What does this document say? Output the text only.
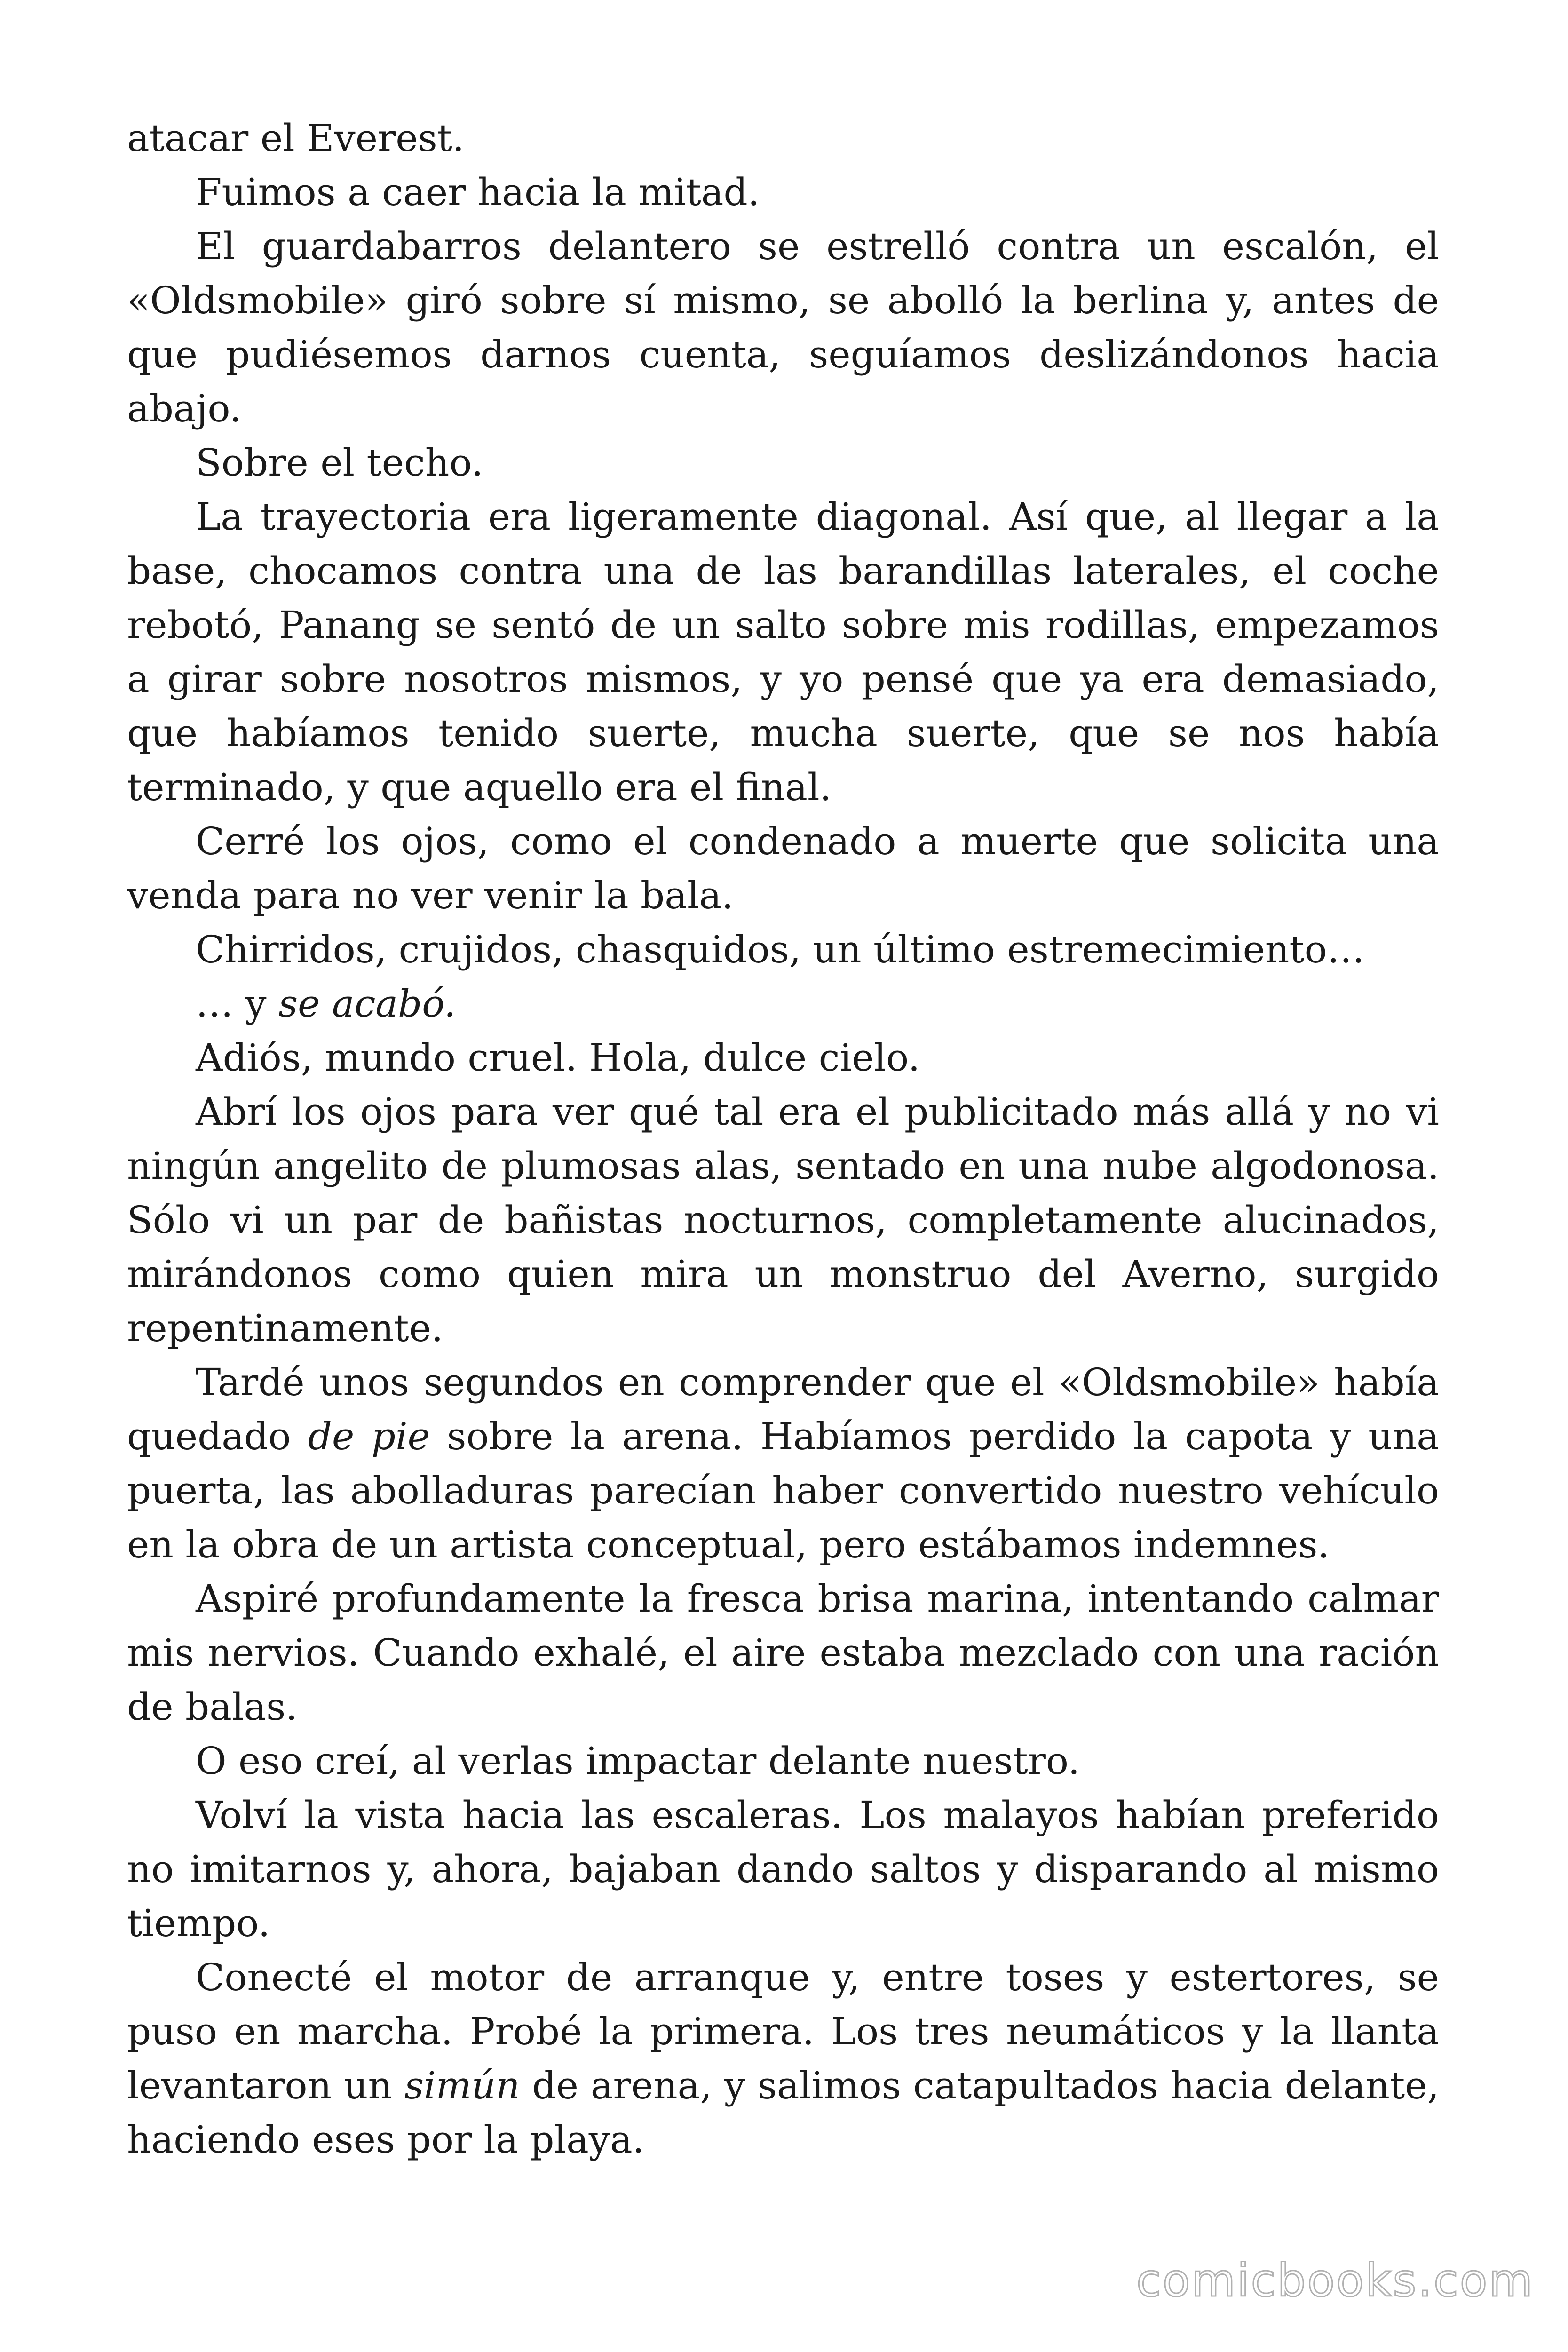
atacar el Everest.

Fuimos a caer hacia la mitad.

El guardabarros delantero se estrelló contra un escalón, el «Oldsmobile» giró sobre sí mismo, se abolló la berlina y, antes de que pudiésemos darnos cuenta, seguíamos deslizándonos hacia abajo.

Sobre el techo.

La trayectoria era ligeramente diagonal. Así que, al llegar a la base, chocamos contra una de las barandillas laterales, el coche rebotó, Panang se sentó de un salto sobre mis rodillas, empezamos a girar sobre nosotros mismos, y yo pensé que ya era demasiado, que habíamos tenido suerte, mucha suerte, que se nos había terminado, y que aquello era el final.

Cerré los ojos, como el condenado a muerte que solicita una venda para no ver venir la bala.

Chirridos, crujidos, chasquidos, un último estremecimiento…

… y se acabó.

Adiós, mundo cruel. Hola, dulce cielo.

Abrí los ojos para ver qué tal era el publicitado más allá y no vi ningún angelito de plumosas alas, sentado en una nube algodonosa. Sólo vi un par de bañistas nocturnos, completamente alucinados, mirándonos como quien mira un monstruo del Averno, surgido repentinamente.

Tardé unos segundos en comprender que el «Oldsmobile» había quedado de pie sobre la arena. Habíamos perdido la capota y una puerta, las abolladuras parecían haber convertido nuestro vehículo en la obra de un artista conceptual, pero estábamos indemnes.

Aspiré profundamente la fresca brisa marina, intentando calmar mis nervios. Cuando exhalé, el aire estaba mezclado con una ración de balas.

O eso creí, al verlas impactar delante nuestro.

Volví la vista hacia las escaleras. Los malayos habían preferido no imitarnos y, ahora, bajaban dando saltos y disparando al mismo tiempo.

Conecté el motor de arranque y, entre toses y estertores, se puso en marcha. Probé la primera. Los tres neumáticos y la llanta levantaron un simún de arena, y salimos catapultados hacia delante, haciendo eses por la playa.

comicbooks.com
